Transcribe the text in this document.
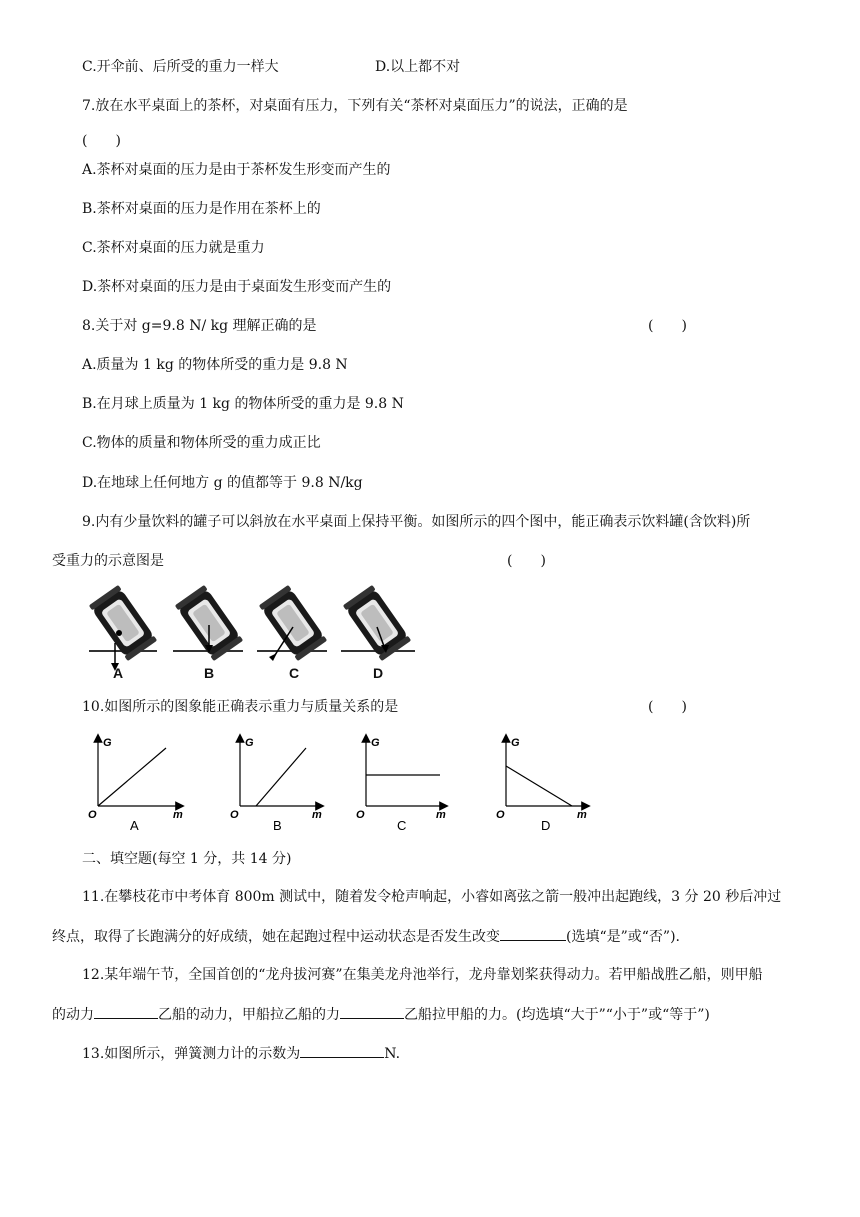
C.开伞前、后所受的重力一样大	D.以上都不对
7.放在水平桌面上的茶杯，对桌面有压力，下列有关“茶杯对桌面压力”的说法，正确的是
(　　)
A.茶杯对桌面的压力是由于茶杯发生形变而产生的
B.茶杯对桌面的压力是作用在茶杯上的
C.茶杯对桌面的压力就是重力
D.茶杯对桌面的压力是由于桌面发生形变而产生的
8.关于对 g=9.8 N/ kg 理解正确的是	(　　)
A.质量为 1 kg 的物体所受的重力是 9.8 N
B.在月球上质量为 1 kg 的物体所受的重力是 9.8 N
C.物体的质量和物体所受的重力成正比
D.在地球上任何地方 g 的值都等于 9.8 N/kg
9.内有少量饮料的罐子可以斜放在水平桌面上保持平衡。如图所示的四个图中，能正确表示饮料罐(含饮料)所
受重力的示意图是	(　　)
A	B	C	D
10.如图所示的图象能正确表示重力与质量关系的是	(　　)
G
m
O
G
m
O
G
m
O
G
m
O
A	B	C	D
二、填空题(每空 1 分，共 14 分)
11.在攀枝花市中考体育 800m 测试中，随着发令枪声响起，小睿如离弦之箭一般冲出起跑线，3 分 20 秒后冲过
终点，取得了长跑满分的好成绩，她在起跑过程中运动状态是否发生改变	(选填“是”或“否”).
12.某年端午节，全国首创的“龙舟拔河赛”在集美龙舟池举行，龙舟靠划桨获得动力。若甲船战胜乙船，则甲船
的动力	乙船的动力，甲船拉乙船的力	乙船拉甲船的力。(均选填“大于”“小于”或“等于”)
13.如图所示，弹簧测力计的示数为	N.
